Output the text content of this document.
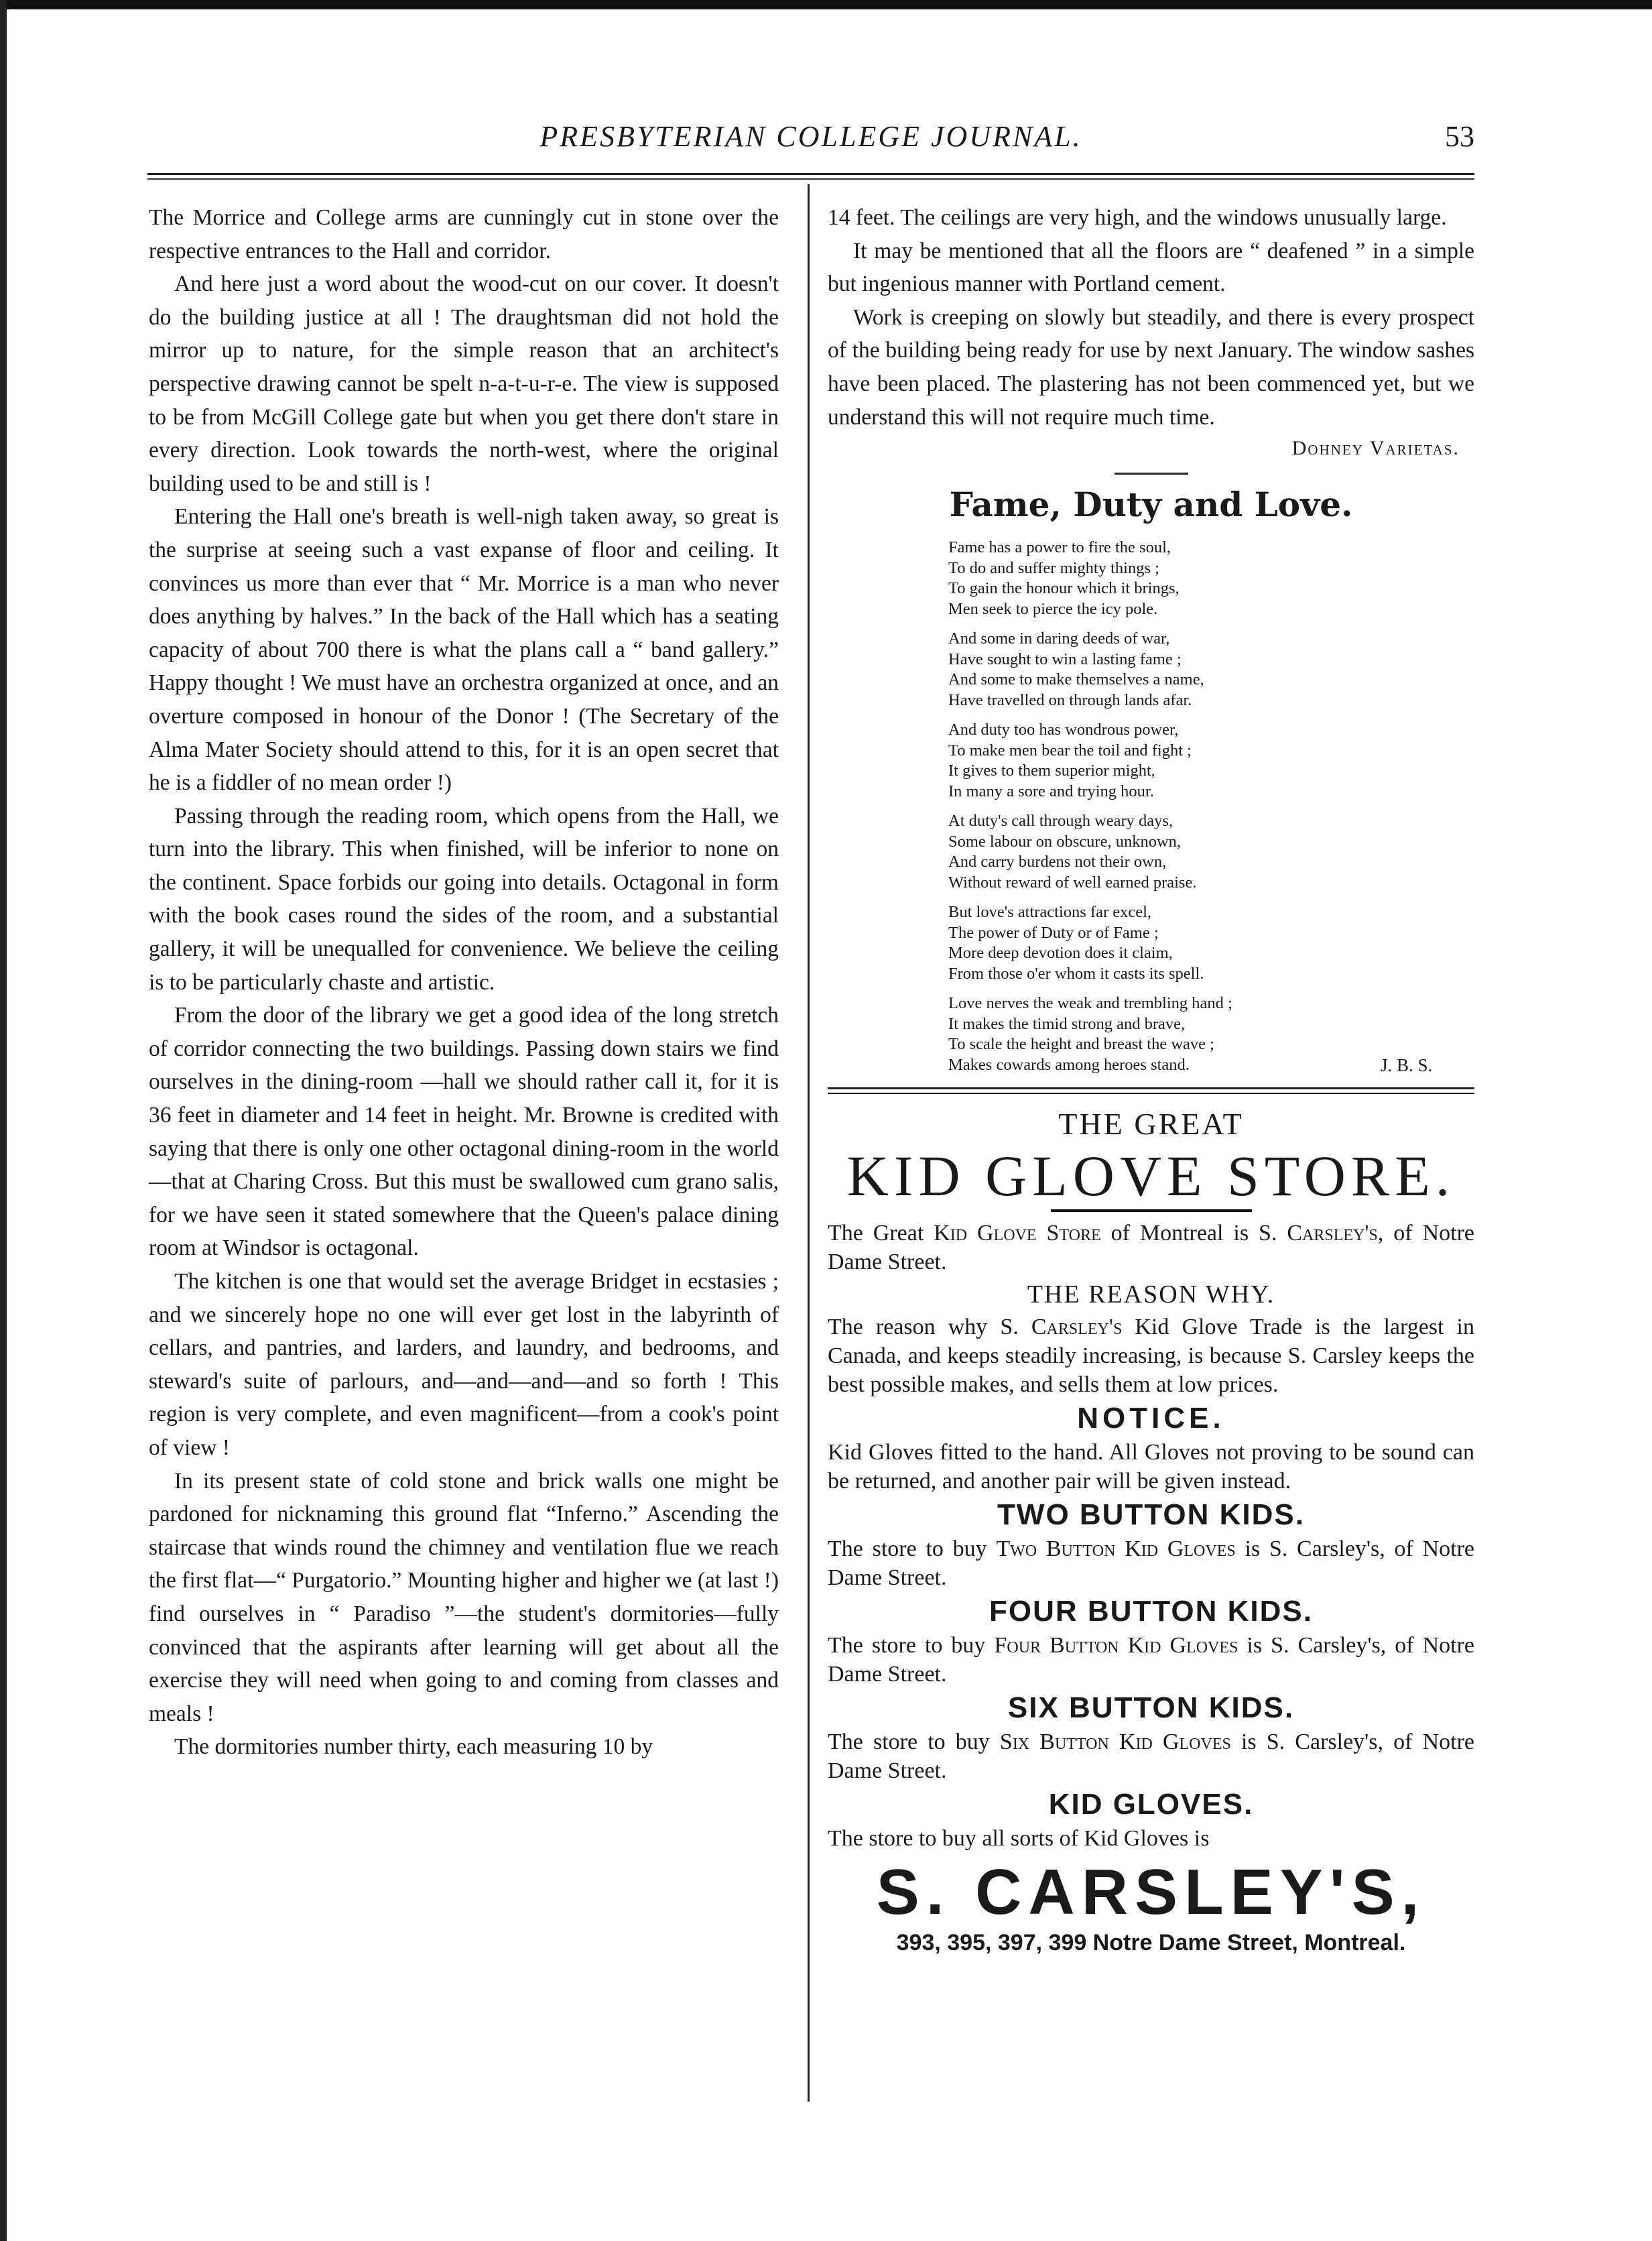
PRESBYTERIAN COLLEGE JOURNAL.	53

The Morrice and College arms are cunningly cut in stone over the respective entrances to the Hall and corridor.

And here just a word about the wood-cut on our cover. It doesn't do the building justice at all ! The draughtsman did not hold the mirror up to nature, for the simple reason that an architect's perspective drawing cannot be spelt n-a-t-u-r-e. The view is supposed to be from McGill College gate but when you get there don't stare in every direction. Look towards the north-west, where the original building used to be and still is !

Entering the Hall one's breath is well-nigh taken away, so great is the surprise at seeing such a vast expanse of floor and ceiling. It convinces us more than ever that “ Mr. Morrice is a man who never does anything by halves.” In the back of the Hall which has a seating capacity of about 700 there is what the plans call a “ band gallery.” Happy thought ! We must have an orchestra organized at once, and an overture composed in honour of the Donor ! (The Secretary of the Alma Mater Society should attend to this, for it is an open secret that he is a fiddler of no mean order !)

Passing through the reading room, which opens from the Hall, we turn into the library. This when finished, will be inferior to none on the continent. Space forbids our going into details. Octagonal in form with the book cases round the sides of the room, and a substantial gallery, it will be unequalled for convenience. We believe the ceiling is to be particularly chaste and artistic.

From the door of the library we get a good idea of the long stretch of corridor connecting the two buildings. Passing down stairs we find ourselves in the dining-room —hall we should rather call it, for it is 36 feet in diameter and 14 feet in height. Mr. Browne is credited with saying that there is only one other octagonal dining-room in the world—that at Charing Cross. But this must be swallowed cum grano salis, for we have seen it stated somewhere that the Queen's palace dining room at Windsor is octagonal.

The kitchen is one that would set the average Bridget in ecstasies ; and we sincerely hope no one will ever get lost in the labyrinth of cellars, and pantries, and larders, and laundry, and bedrooms, and steward's suite of parlours, and—and—and—and so forth ! This region is very complete, and even magnificent—from a cook's point of view !

In its present state of cold stone and brick walls one might be pardoned for nicknaming this ground flat “Inferno.” Ascending the staircase that winds round the chimney and ventilation flue we reach the first flat—“ Purgatorio.” Mounting higher and higher we (at last !) find ourselves in “ Paradiso ”—the student's dormitories—fully convinced that the aspirants after learning will get about all the exercise they will need when going to and coming from classes and meals !

The dormitories number thirty, each measuring 10 by

14 feet. The ceilings are very high, and the windows unusually large.

It may be mentioned that all the floors are “ deafened ” in a simple but ingenious manner with Portland cement.

Work is creeping on slowly but steadily, and there is every prospect of the building being ready for use by next January. The window sashes have been placed. The plastering has not been commenced yet, but we understand this will not require much time.

Dohney Varietas.
Fame, Duty and Love.
Fame has a power to fire the soul,
To do and suffer mighty things ;
To gain the honour which it brings,
Men seek to pierce the icy pole.
And some in daring deeds of war,
Have sought to win a lasting fame ;
And some to make themselves a name,
Have travelled on through lands afar.
And duty too has wondrous power,
To make men bear the toil and fight ;
It gives to them superior might,
In many a sore and trying hour.
At duty's call through weary days,
Some labour on obscure, unknown,
And carry burdens not their own,
Without reward of well earned praise.
But love's attractions far excel,
The power of Duty or of Fame ;
More deep devotion does it claim,
From those o'er whom it casts its spell.
Love nerves the weak and trembling hand ;
It makes the timid strong and brave,
To scale the height and breast the wave ;
Makes cowards among heroes stand.	J. B. S.
THE GREAT
KID GLOVE STORE.

The Great Kid Glove Store of Montreal is S. Carsley's, of Notre Dame Street.

THE REASON WHY.

The reason why S. Carsley's Kid Glove Trade is the largest in Canada, and keeps steadily increasing, is because S. Carsley keeps the best possible makes, and sells them at low prices.

NOTICE.

Kid Gloves fitted to the hand. All Gloves not proving to be sound can be returned, and another pair will be given instead.

TWO BUTTON KIDS.

The store to buy Two Button Kid Gloves is S. Carsley's, of Notre Dame Street.

FOUR BUTTON KIDS.

The store to buy Four Button Kid Gloves is S. Carsley's, of Notre Dame Street.

SIX BUTTON KIDS.

The store to buy Six Button Kid Gloves is S. Carsley's, of Notre Dame Street.

KID GLOVES.

The store to buy all sorts of Kid Gloves is

S. CARSLEY'S,
393, 395, 397, 399 Notre Dame Street, Montreal.
